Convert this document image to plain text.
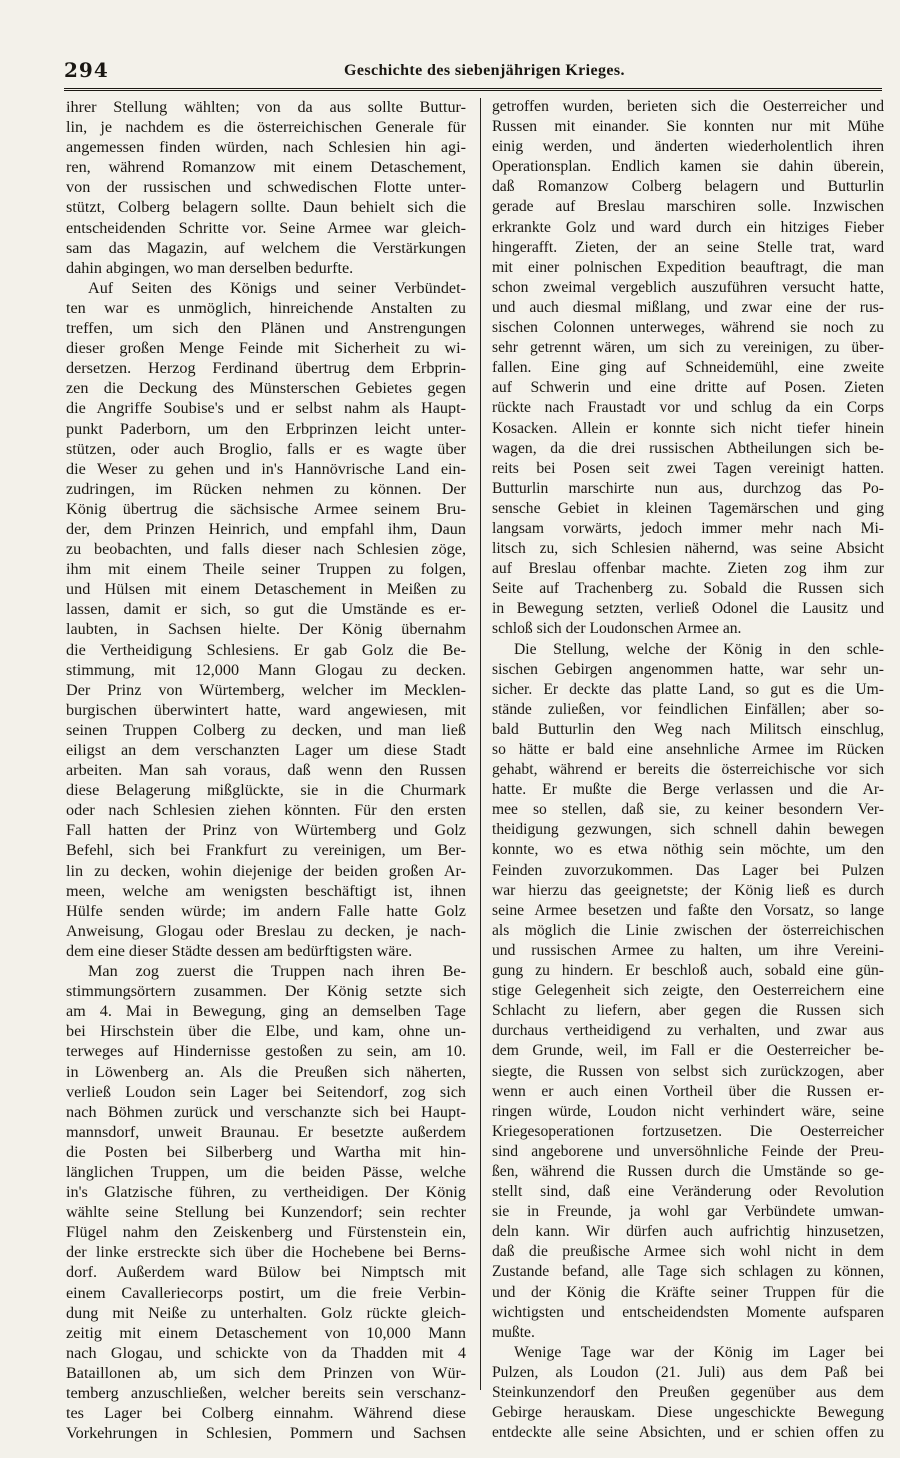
294	Geschichte des siebenjährigen Krieges.
ihrer Stellung wählten; von da aus sollte Buttur-
lin, je nachdem es die österreichischen Generale für
angemessen finden würden, nach Schlesien hin agi-
ren, während Romanzow mit einem Detaschement,
von der russischen und schwedischen Flotte unter-
stützt, Colberg belagern sollte. Daun behielt sich die
entscheidenden Schritte vor. Seine Armee war gleich-
sam das Magazin, auf welchem die Verstärkungen
dahin abgingen, wo man derselben bedurfte.
Auf Seiten des Königs und seiner Verbündet-
ten war es unmöglich, hinreichende Anstalten zu
treffen, um sich den Plänen und Anstrengungen
dieser großen Menge Feinde mit Sicherheit zu wi-
dersetzen. Herzog Ferdinand übertrug dem Erbprin-
zen die Deckung des Münsterschen Gebietes gegen
die Angriffe Soubise's und er selbst nahm als Haupt-
punkt Paderborn, um den Erbprinzen leicht unter-
stützen, oder auch Broglio, falls er es wagte über
die Weser zu gehen und in's Hannövrische Land ein-
zudringen, im Rücken nehmen zu können. Der
König übertrug die sächsische Armee seinem Bru-
der, dem Prinzen Heinrich, und empfahl ihm, Daun
zu beobachten, und falls dieser nach Schlesien zöge,
ihm mit einem Theile seiner Truppen zu folgen,
und Hülsen mit einem Detaschement in Meißen zu
lassen, damit er sich, so gut die Umstände es er-
laubten, in Sachsen hielte. Der König übernahm
die Vertheidigung Schlesiens. Er gab Golz die Be-
stimmung, mit 12,000 Mann Glogau zu decken.
Der Prinz von Würtemberg, welcher im Mecklen-
burgischen überwintert hatte, ward angewiesen, mit
seinen Truppen Colberg zu decken, und man ließ
eiligst an dem verschanzten Lager um diese Stadt
arbeiten. Man sah voraus, daß wenn den Russen
diese Belagerung mißglückte, sie in die Churmark
oder nach Schlesien ziehen könnten. Für den ersten
Fall hatten der Prinz von Würtemberg und Golz
Befehl, sich bei Frankfurt zu vereinigen, um Ber-
lin zu decken, wohin diejenige der beiden großen Ar-
meen, welche am wenigsten beschäftigt ist, ihnen
Hülfe senden würde; im andern Falle hatte Golz
Anweisung, Glogau oder Breslau zu decken, je nach-
dem eine dieser Städte dessen am bedürftigsten wäre.
Man zog zuerst die Truppen nach ihren Be-
stimmungsörtern zusammen. Der König setzte sich
am 4. Mai in Bewegung, ging an demselben Tage
bei Hirschstein über die Elbe, und kam, ohne un-
terweges auf Hindernisse gestoßen zu sein, am 10.
in Löwenberg an. Als die Preußen sich näherten,
verließ Loudon sein Lager bei Seitendorf, zog sich
nach Böhmen zurück und verschanzte sich bei Haupt-
mannsdorf, unweit Braunau. Er besetzte außerdem
die Posten bei Silberberg und Wartha mit hin-
länglichen Truppen, um die beiden Pässe, welche
in's Glatzische führen, zu vertheidigen. Der König
wählte seine Stellung bei Kunzendorf; sein rechter
Flügel nahm den Zeiskenberg und Fürstenstein ein,
der linke erstreckte sich über die Hochebene bei Berns-
dorf. Außerdem ward Bülow bei Nimptsch mit
einem Cavalleriecorps postirt, um die freie Verbin-
dung mit Neiße zu unterhalten. Golz rückte gleich-
zeitig mit einem Detaschement von 10,000 Mann
nach Glogau, und schickte von da Thadden mit 4
Bataillonen ab, um sich dem Prinzen von Wür-
temberg anzuschließen, welcher bereits sein verschanz-
tes Lager bei Colberg einnahm. Während diese
Vorkehrungen in Schlesien, Pommern und Sachsen
getroffen wurden, berieten sich die Oesterreicher und
Russen mit einander. Sie konnten nur mit Mühe
einig werden, und änderten wiederholentlich ihren
Operationsplan. Endlich kamen sie dahin überein,
daß Romanzow Colberg belagern und Butturlin
gerade auf Breslau marschiren solle. Inzwischen
erkrankte Golz und ward durch ein hitziges Fieber
hingerafft. Zieten, der an seine Stelle trat, ward
mit einer polnischen Expedition beauftragt, die man
schon zweimal vergeblich auszuführen versucht hatte,
und auch diesmal mißlang, und zwar eine der rus-
sischen Colonnen unterweges, während sie noch zu
sehr getrennt wären, um sich zu vereinigen, zu über-
fallen. Eine ging auf Schneidemühl, eine zweite
auf Schwerin und eine dritte auf Posen. Zieten
rückte nach Fraustadt vor und schlug da ein Corps
Kosacken. Allein er konnte sich nicht tiefer hinein
wagen, da die drei russischen Abtheilungen sich be-
reits bei Posen seit zwei Tagen vereinigt hatten.
Butturlin marschirte nun aus, durchzog das Po-
sensche Gebiet in kleinen Tagemärschen und ging
langsam vorwärts, jedoch immer mehr nach Mi-
litsch zu, sich Schlesien nähernd, was seine Absicht
auf Breslau offenbar machte. Zieten zog ihm zur
Seite auf Trachenberg zu. Sobald die Russen sich
in Bewegung setzten, verließ Odonel die Lausitz und
schloß sich der Loudonschen Armee an.
Die Stellung, welche der König in den schle-
sischen Gebirgen angenommen hatte, war sehr un-
sicher. Er deckte das platte Land, so gut es die Um-
stände zuließen, vor feindlichen Einfällen; aber so-
bald Butturlin den Weg nach Militsch einschlug,
so hätte er bald eine ansehnliche Armee im Rücken
gehabt, während er bereits die österreichische vor sich
hatte. Er mußte die Berge verlassen und die Ar-
mee so stellen, daß sie, zu keiner besondern Ver-
theidigung gezwungen, sich schnell dahin bewegen
konnte, wo es etwa nöthig sein möchte, um den
Feinden zuvorzukommen. Das Lager bei Pulzen
war hierzu das geeignetste; der König ließ es durch
seine Armee besetzen und faßte den Vorsatz, so lange
als möglich die Linie zwischen der österreichischen
und russischen Armee zu halten, um ihre Vereini-
gung zu hindern. Er beschloß auch, sobald eine gün-
stige Gelegenheit sich zeigte, den Oesterreichern eine
Schlacht zu liefern, aber gegen die Russen sich
durchaus vertheidigend zu verhalten, und zwar aus
dem Grunde, weil, im Fall er die Oesterreicher be-
siegte, die Russen von selbst sich zurückzogen, aber
wenn er auch einen Vortheil über die Russen er-
ringen würde, Loudon nicht verhindert wäre, seine
Kriegesoperationen fortzusetzen. Die Oesterreicher
sind angeborene und unversöhnliche Feinde der Preu-
ßen, während die Russen durch die Umstände so ge-
stellt sind, daß eine Veränderung oder Revolution
sie in Freunde, ja wohl gar Verbündete umwan-
deln kann. Wir dürfen auch aufrichtig hinzusetzen,
daß die preußische Armee sich wohl nicht in dem
Zustande befand, alle Tage sich schlagen zu können,
und der König die Kräfte seiner Truppen für die
wichtigsten und entscheidendsten Momente aufsparen
mußte.
Wenige Tage war der König im Lager bei
Pulzen, als Loudon (21. Juli) aus dem Paß bei
Steinkunzendorf den Preußen gegenüber aus dem
Gebirge herauskam. Diese ungeschickte Bewegung
entdeckte alle seine Absichten, und er schien offen zu
